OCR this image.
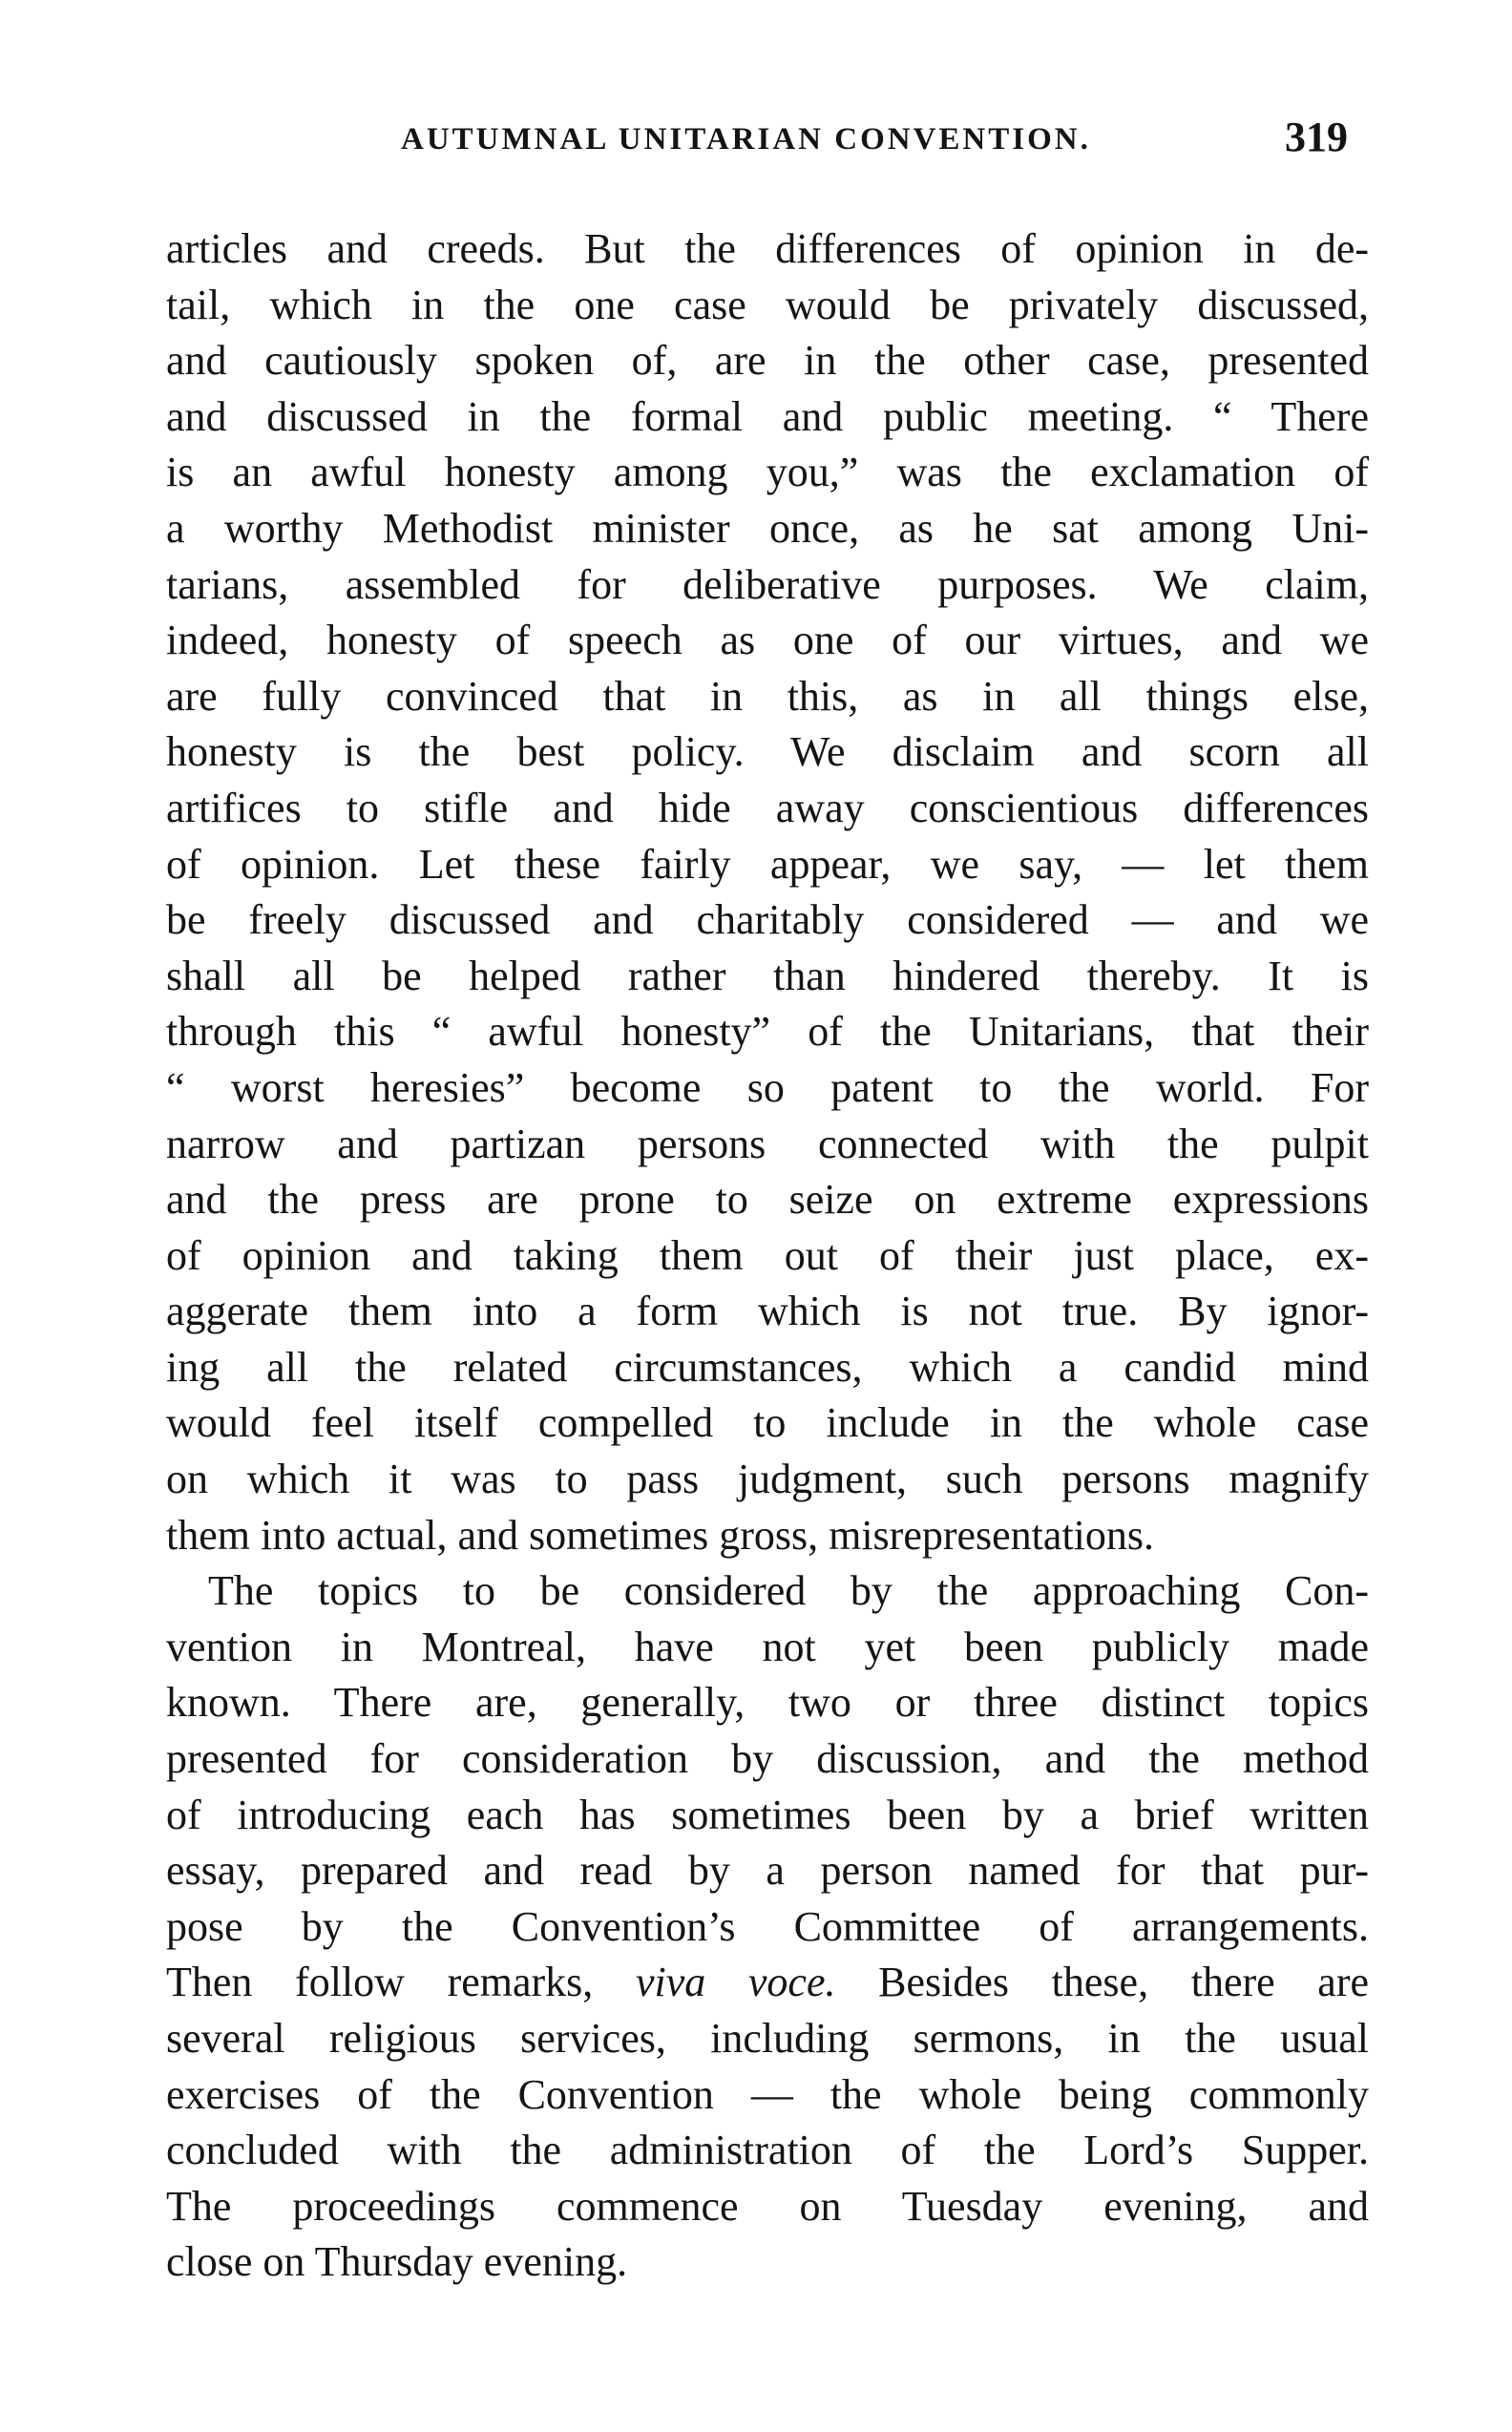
AUTUMNAL UNITARIAN CONVENTION.	319
articles and creeds. But the differences of opinion in de-
tail, which in the one case would be privately discussed,
and cautiously spoken of, are in the other case, presented
and discussed in the formal and public meeting. “ There
is an awful honesty among you,” was the exclamation of
a worthy Methodist minister once, as he sat among Uni-
tarians, assembled for deliberative purposes. We claim,
indeed, honesty of speech as one of our virtues, and we
are fully convinced that in this, as in all things else,
honesty is the best policy. We disclaim and scorn all
artifices to stifle and hide away conscientious differences
of opinion. Let these fairly appear, we say, — let them
be freely discussed and charitably considered — and we
shall all be helped rather than hindered thereby. It is
through this “ awful honesty” of the Unitarians, that their
“ worst heresies” become so patent to the world. For
narrow and partizan persons connected with the pulpit
and the press are prone to seize on extreme expressions
of opinion and taking them out of their just place, ex-
aggerate them into a form which is not true. By ignor-
ing all the related circumstances, which a candid mind
would feel itself compelled to include in the whole case
on which it was to pass judgment, such persons magnify
them into actual, and sometimes gross, misrepresentations.
The topics to be considered by the approaching Con-
vention in Montreal, have not yet been publicly made
known. There are, generally, two or three distinct topics
presented for consideration by discussion, and the method
of introducing each has sometimes been by a brief written
essay, prepared and read by a person named for that pur-
pose by the Convention’s Committee of arrangements.
Then follow remarks, viva voce. Besides these, there are
several religious services, including sermons, in the usual
exercises of the Convention — the whole being commonly
concluded with the administration of the Lord’s Supper.
The proceedings commence on Tuesday evening, and
close on Thursday evening.
